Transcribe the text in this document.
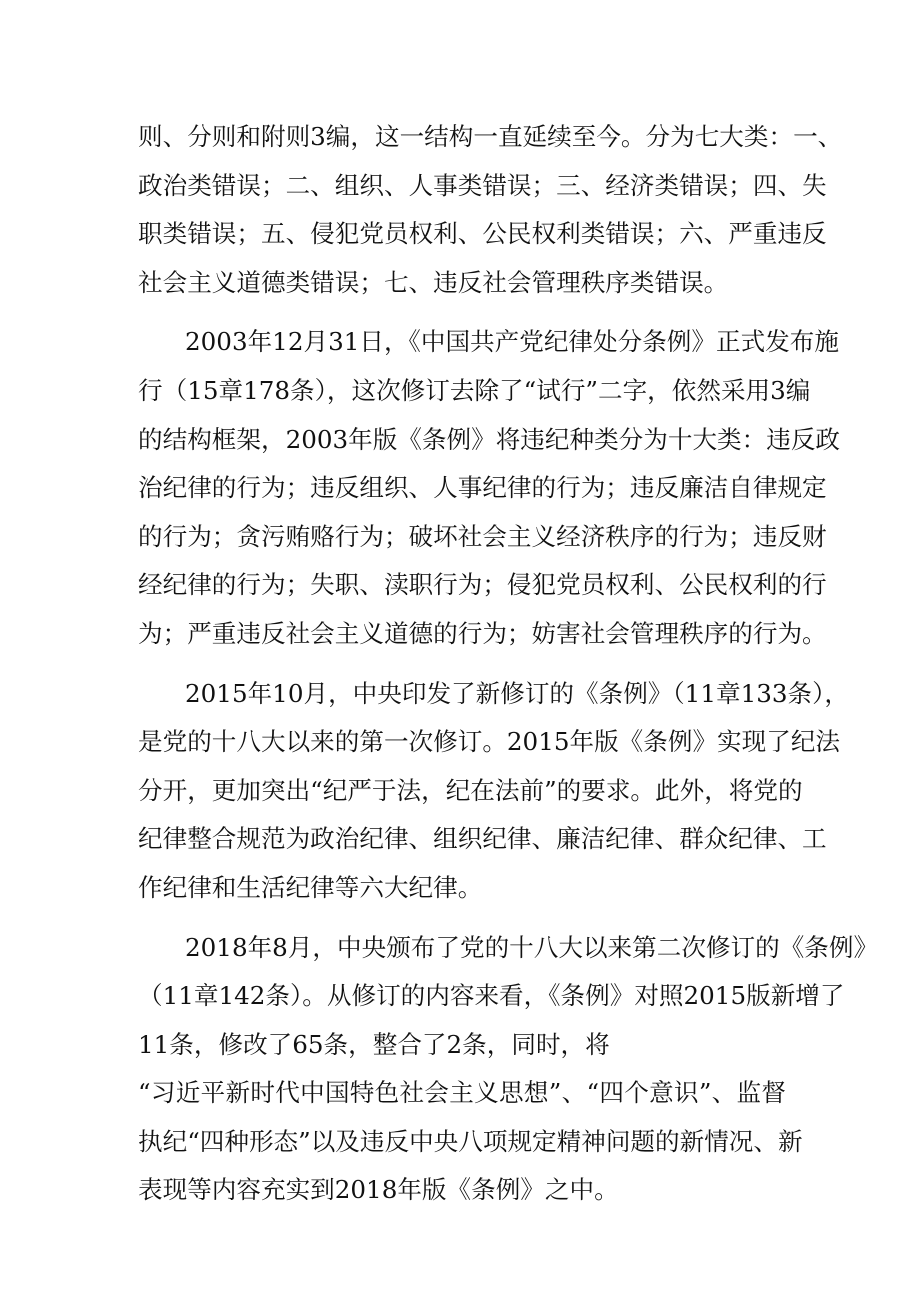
则、分则和附则3编，这一结构一直延续至今。分为七大类：一、
政治类错误；二、组织、人事类错误；三、经济类错误；四、失
职类错误；五、侵犯党员权利、公民权利类错误；六、严重违反
社会主义道德类错误；七、违反社会管理秩序类错误。
2003年12月31日，《中国共产党纪律处分条例》正式发布施
行（15章178条），这次修订去除了“试行”二字，依然采用3编
的结构框架，2003年版《条例》将违纪种类分为十大类：违反政
治纪律的行为；违反组织、人事纪律的行为；违反廉洁自律规定
的行为；贪污贿赂行为；破坏社会主义经济秩序的行为；违反财
经纪律的行为；失职、渎职行为；侵犯党员权利、公民权利的行
为；严重违反社会主义道德的行为；妨害社会管理秩序的行为。
2015年10月，中央印发了新修订的《条例》（11章133条），
是党的十八大以来的第一次修订。2015年版《条例》实现了纪法
分开，更加突出“纪严于法，纪在法前”的要求。此外，将党的
纪律整合规范为政治纪律、组织纪律、廉洁纪律、群众纪律、工
作纪律和生活纪律等六大纪律。
2018年8月，中央颁布了党的十八大以来第二次修订的《条例》
（11章142条）。从修订的内容来看，《条例》对照2015版新增了
11条，修改了65条，整合了2条，同时，将
“习近平新时代中国特色社会主义思想”、“四个意识”、监督
执纪“四种形态”以及违反中央八项规定精神问题的新情况、新
表现等内容充实到2018年版《条例》之中。
